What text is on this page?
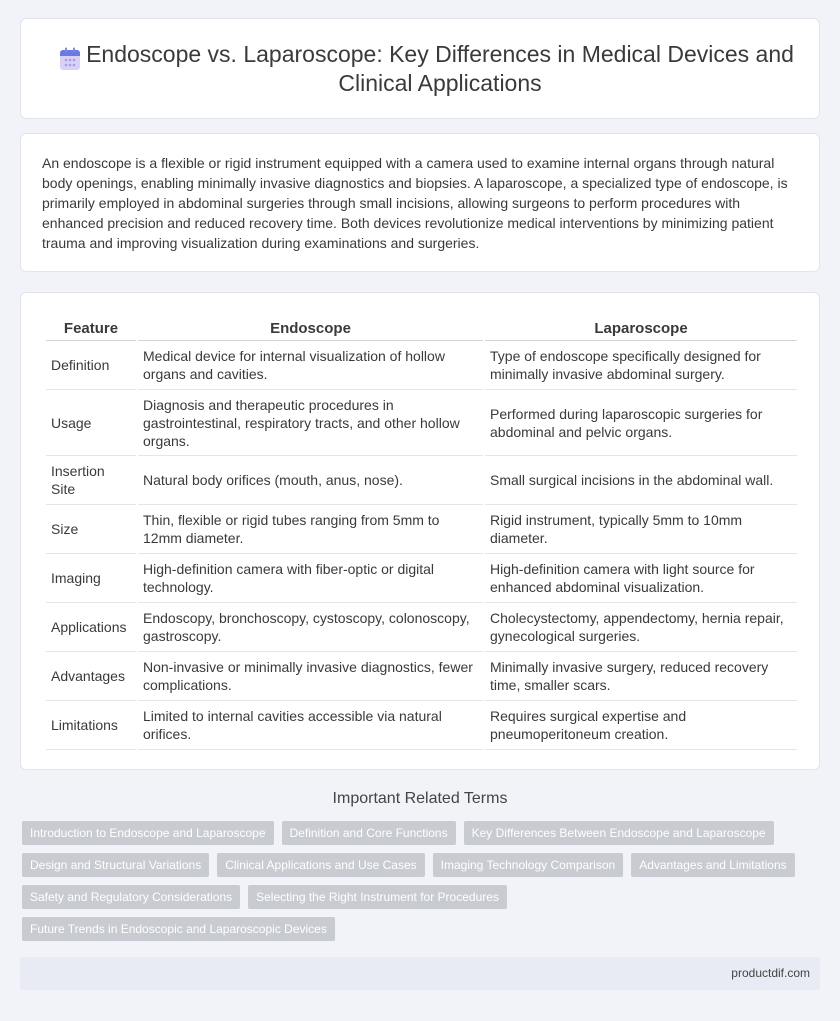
Endoscope vs. Laparoscope: Key Differences in Medical Devices and Clinical Applications

An endoscope is a flexible or rigid instrument equipped with a camera used to examine internal organs through natural body openings, enabling minimally invasive diagnostics and biopsies. A laparoscope, a specialized type of endoscope, is primarily employed in abdominal surgeries through small incisions, allowing surgeons to perform procedures with enhanced precision and reduced recovery time. Both devices revolutionize medical interventions by minimizing patient trauma and improving visualization during examinations and surgeries.

Feature	Endoscope	Laparoscope
Definition	Medical device for internal visualization of hollow organs and cavities.	Type of endoscope specifically designed for minimally invasive abdominal surgery.
Usage	Diagnosis and therapeutic procedures in gastrointestinal, respiratory tracts, and other hollow organs.	Performed during laparoscopic surgeries for abdominal and pelvic organs.
Insertion Site	Natural body orifices (mouth, anus, nose).	Small surgical incisions in the abdominal wall.
Size	Thin, flexible or rigid tubes ranging from 5mm to 12mm diameter.	Rigid instrument, typically 5mm to 10mm diameter.
Imaging	High-definition camera with fiber-optic or digital technology.	High-definition camera with light source for enhanced abdominal visualization.
Applications	Endoscopy, bronchoscopy, cystoscopy, colonoscopy, gastroscopy.	Cholecystectomy, appendectomy, hernia repair, gynecological surgeries.
Advantages	Non-invasive or minimally invasive diagnostics, fewer complications.	Minimally invasive surgery, reduced recovery time, smaller scars.
Limitations	Limited to internal cavities accessible via natural orifices.	Requires surgical expertise and pneumoperitoneum creation.
Important Related Terms
Introduction to Endoscope and Laparoscope	Definition and Core Functions	Key Differences Between Endoscope and Laparoscope
Design and Structural Variations	Clinical Applications and Use Cases	Imaging Technology Comparison	Advantages and Limitations
Safety and Regulatory Considerations	Selecting the Right Instrument for Procedures
Future Trends in Endoscopic and Laparoscopic Devices
productdif.com
